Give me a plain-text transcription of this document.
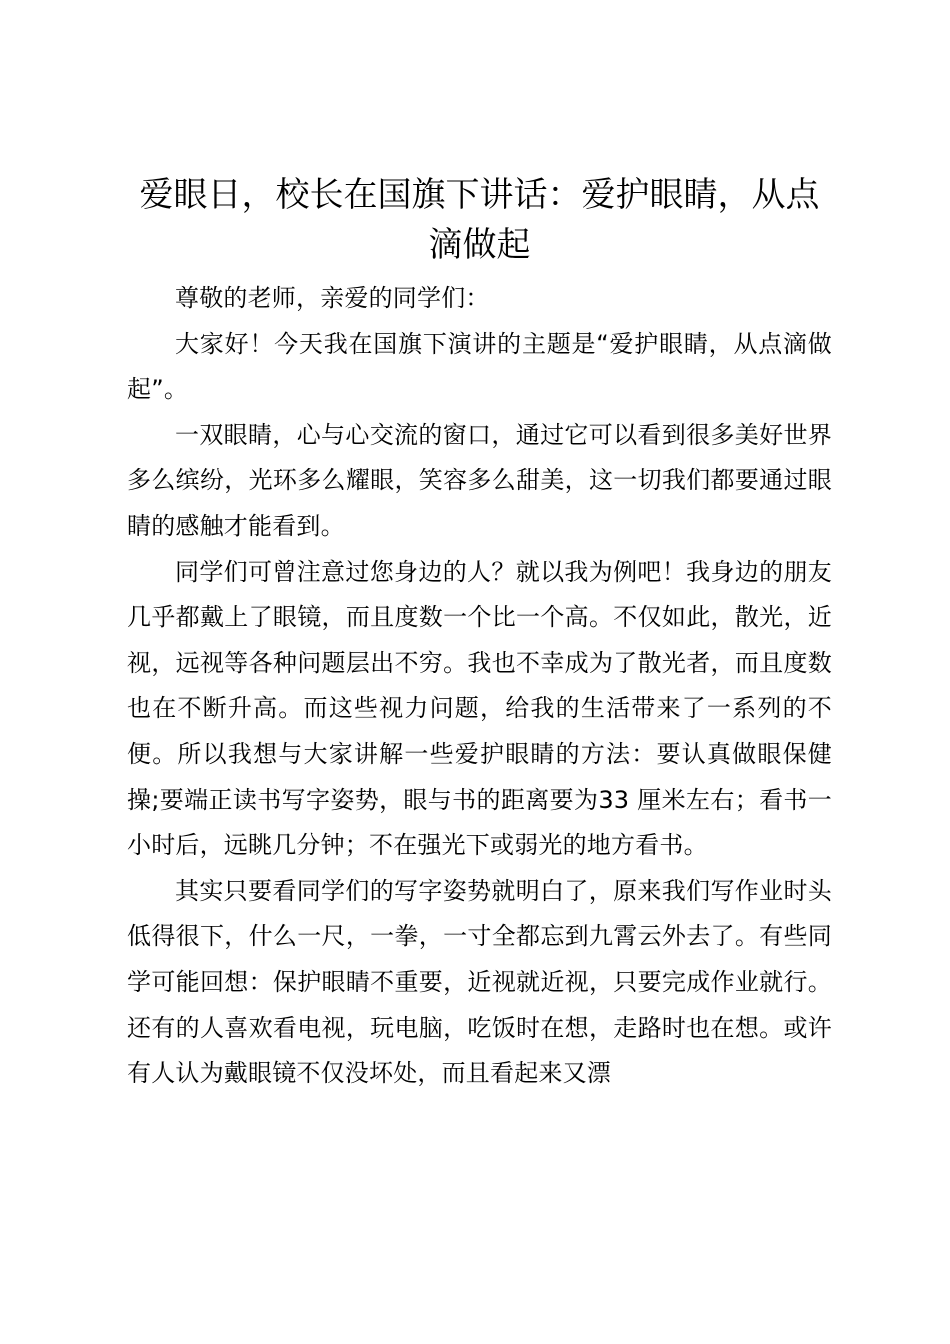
爱眼日，校长在国旗下讲话：爱护眼睛，从点滴做起

尊敬的老师，亲爱的同学们：

大家好！今天我在国旗下演讲的主题是“爱护眼睛，从点滴做起”。

一双眼睛，心与心交流的窗口，通过它可以看到很多美好世界多么缤纷，光环多么耀眼，笑容多么甜美，这一切我们都要通过眼睛的感触才能看到。

同学们可曾注意过您身边的人？就以我为例吧！我身边的朋友几乎都戴上了眼镜，而且度数一个比一个高。不仅如此，散光，近视，远视等各种问题层出不穷。我也不幸成为了散光者，而且度数也在不断升高。而这些视力问题，给我的生活带来了一系列的不便。所以我想与大家讲解一些爱护眼睛的方法：要认真做眼保健操;要端正读书写字姿势，眼与书的距离要为33 厘米左右；看书一小时后，远眺几分钟；不在强光下或弱光的地方看书。

其实只要看同学们的写字姿势就明白了，原来我们写作业时头低得很下，什么一尺，一拳，一寸全都忘到九霄云外去了。有些同学可能回想：保护眼睛不重要，近视就近视，只要完成作业就行。还有的人喜欢看电视，玩电脑，吃饭时在想，走路时也在想。或许有人认为戴眼镜不仅没坏处，而且看起来又漂
